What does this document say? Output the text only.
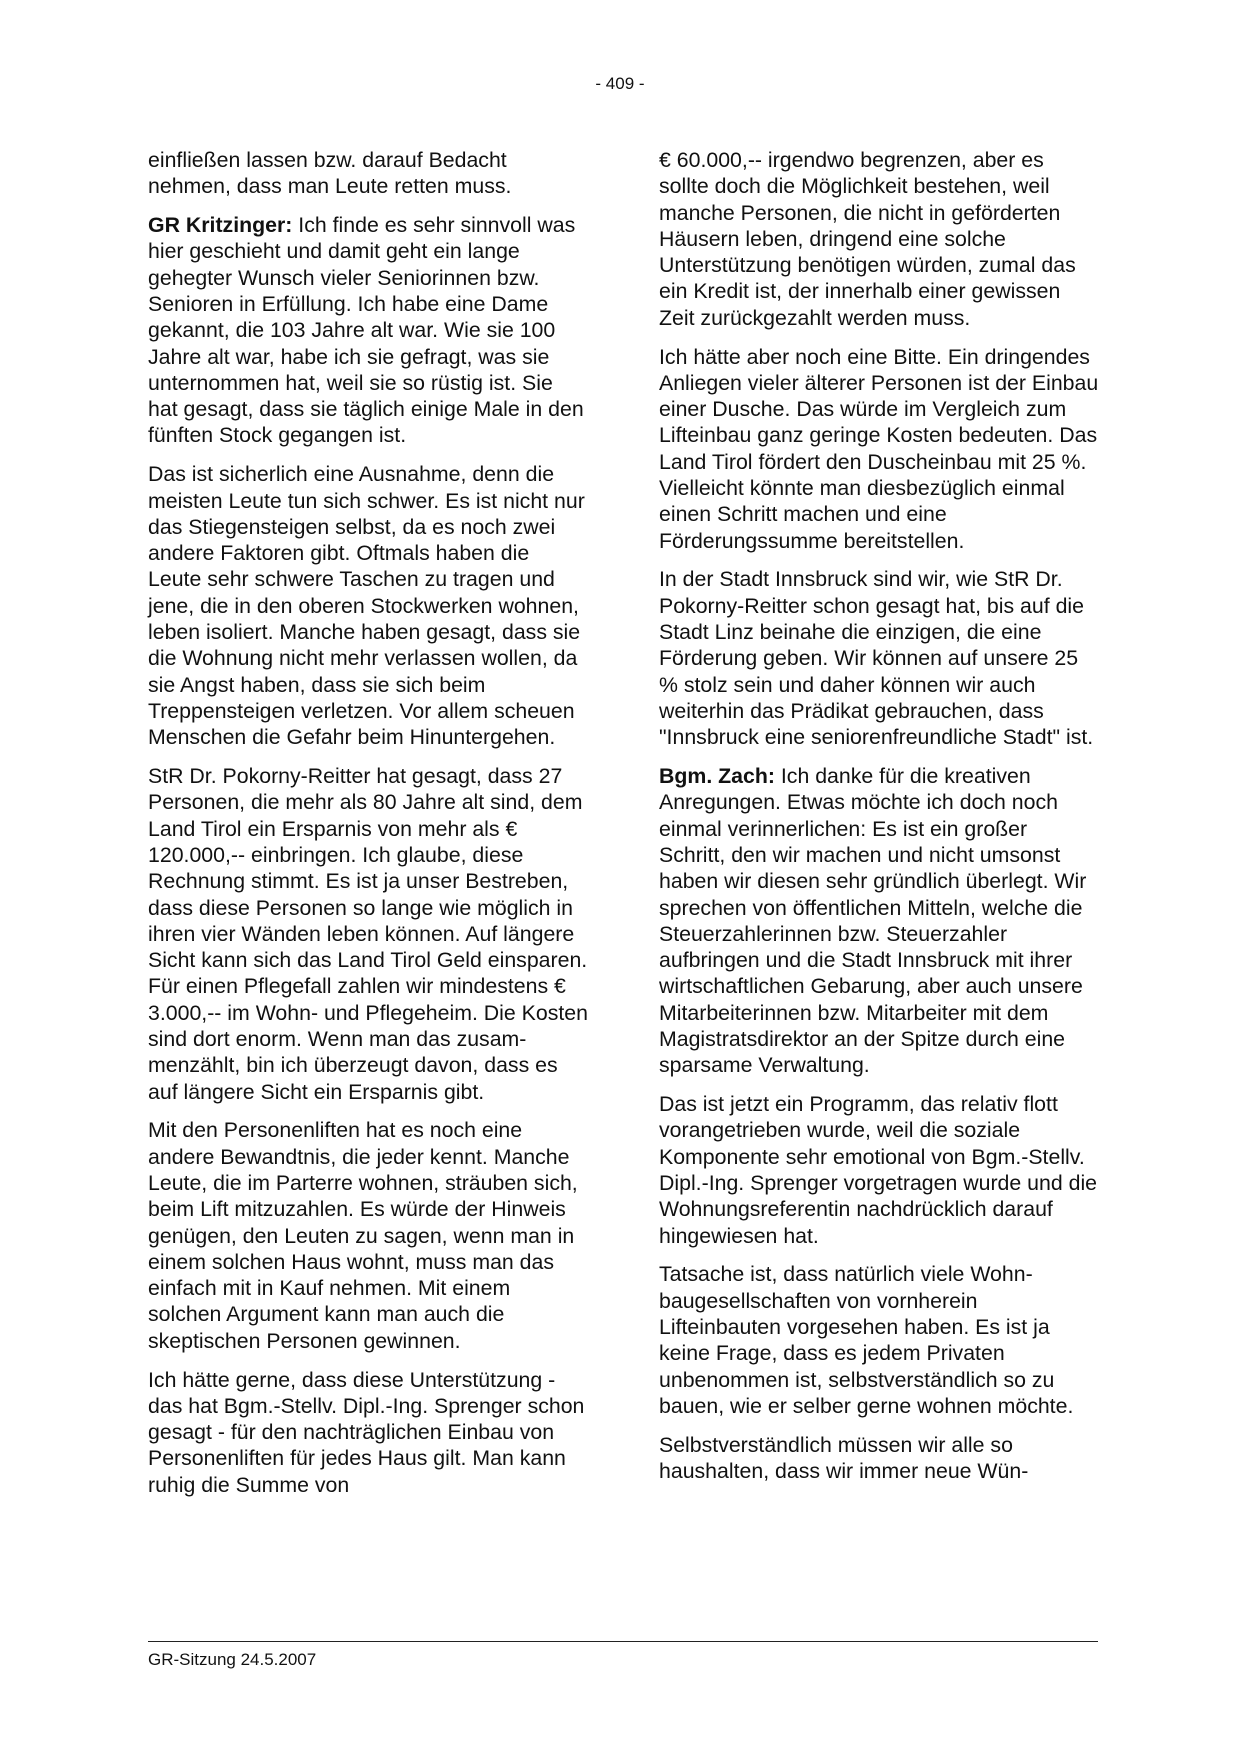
- 409 -

einfließen lassen bzw. darauf Bedacht nehmen, dass man Leute retten muss.

GR Kritzinger: Ich finde es sehr sinnvoll was hier geschieht und damit geht ein lange gehegter Wunsch vieler Seniorinnen bzw. Senioren in Erfüllung. Ich habe eine Dame gekannt, die 103 Jahre alt war. Wie sie 100 Jahre alt war, habe ich sie gefragt, was sie unternommen hat, weil sie so rüstig ist. Sie hat gesagt, dass sie täglich einige Male in den fünften Stock gegangen ist.

Das ist sicherlich eine Ausnahme, denn die meisten Leute tun sich schwer. Es ist nicht nur das Stiegensteigen selbst, da es noch zwei andere Faktoren gibt. Oftmals haben die Leute sehr schwere Taschen zu tragen und jene, die in den oberen Stockwerken wohnen, leben isoliert. Manche haben gesagt, dass sie die Wohnung nicht mehr verlassen wollen, da sie Angst haben, dass sie sich beim Treppensteigen verletzen. Vor allem scheuen Menschen die Gefahr beim Hinuntergehen.

StR Dr. Pokorny-Reitter hat gesagt, dass 27 Personen, die mehr als 80 Jahre alt sind, dem Land Tirol ein Ersparnis von mehr als € 120.000,-- einbringen. Ich glaube, diese Rechnung stimmt. Es ist ja unser Bestreben, dass diese Personen so lange wie möglich in ihren vier Wänden leben können. Auf längere Sicht kann sich das Land Tirol Geld einsparen. Für einen Pflegefall zahlen wir mindestens € 3.000,-- im Wohn- und Pflegeheim. Die Kosten sind dort enorm. Wenn man das zusammenzählt, bin ich überzeugt davon, dass es auf längere Sicht ein Ersparnis gibt.

Mit den Personenliften hat es noch eine andere Bewandtnis, die jeder kennt. Manche Leute, die im Parterre wohnen, sträuben sich, beim Lift mitzuzahlen. Es würde der Hinweis genügen, den Leuten zu sagen, wenn man in einem solchen Haus wohnt, muss man das einfach mit in Kauf nehmen. Mit einem solchen Argument kann man auch die skeptischen Personen gewinnen.

Ich hätte gerne, dass diese Unterstützung - das hat Bgm.-Stellv. Dipl.-Ing. Sprenger schon gesagt - für den nachträglichen Einbau von Personenliften für jedes Haus gilt. Man kann ruhig die Summe von

€ 60.000,-- irgendwo begrenzen, aber es sollte doch die Möglichkeit bestehen, weil manche Personen, die nicht in geförderten Häusern leben, dringend eine solche Unterstützung benötigen würden, zumal das ein Kredit ist, der innerhalb einer gewissen Zeit zurückgezahlt werden muss.

Ich hätte aber noch eine Bitte. Ein dringendes Anliegen vieler älterer Personen ist der Einbau einer Dusche. Das würde im Vergleich zum Lifteinbau ganz geringe Kosten bedeuten. Das Land Tirol fördert den Duscheinbau mit 25 %. Vielleicht könnte man diesbezüglich einmal einen Schritt machen und eine Förderungssumme bereitstellen.

In der Stadt Innsbruck sind wir, wie StR Dr. Pokorny-Reitter schon gesagt hat, bis auf die Stadt Linz beinahe die einzigen, die eine Förderung geben. Wir können auf unsere 25 % stolz sein und daher können wir auch weiterhin das Prädikat gebrauchen, dass "Innsbruck eine seniorenfreundliche Stadt" ist.

Bgm. Zach: Ich danke für die kreativen Anregungen. Etwas möchte ich doch noch einmal verinnerlichen: Es ist ein großer Schritt, den wir machen und nicht umsonst haben wir diesen sehr gründlich überlegt. Wir sprechen von öffentlichen Mitteln, welche die Steuerzahlerinnen bzw. Steuerzahler aufbringen und die Stadt Innsbruck mit ihrer wirtschaftlichen Gebarung, aber auch unsere Mitarbeiterinnen bzw. Mitarbeiter mit dem Magistratsdirektor an der Spitze durch eine sparsame Verwaltung.

Das ist jetzt ein Programm, das relativ flott vorangetrieben wurde, weil die soziale Komponente sehr emotional von Bgm.-Stellv. Dipl.-Ing. Sprenger vorgetragen wurde und die Wohnungsreferentin nachdrücklich darauf hingewiesen hat.

Tatsache ist, dass natürlich viele Wohnbaugesellschaften von vornherein Lifteinbauten vorgesehen haben. Es ist ja keine Frage, dass es jedem Privaten unbenommen ist, selbstverständlich so zu bauen, wie er selber gerne wohnen möchte.

Selbstverständlich müssen wir alle so haushalten, dass wir immer neue Wün-

GR-Sitzung 24.5.2007
